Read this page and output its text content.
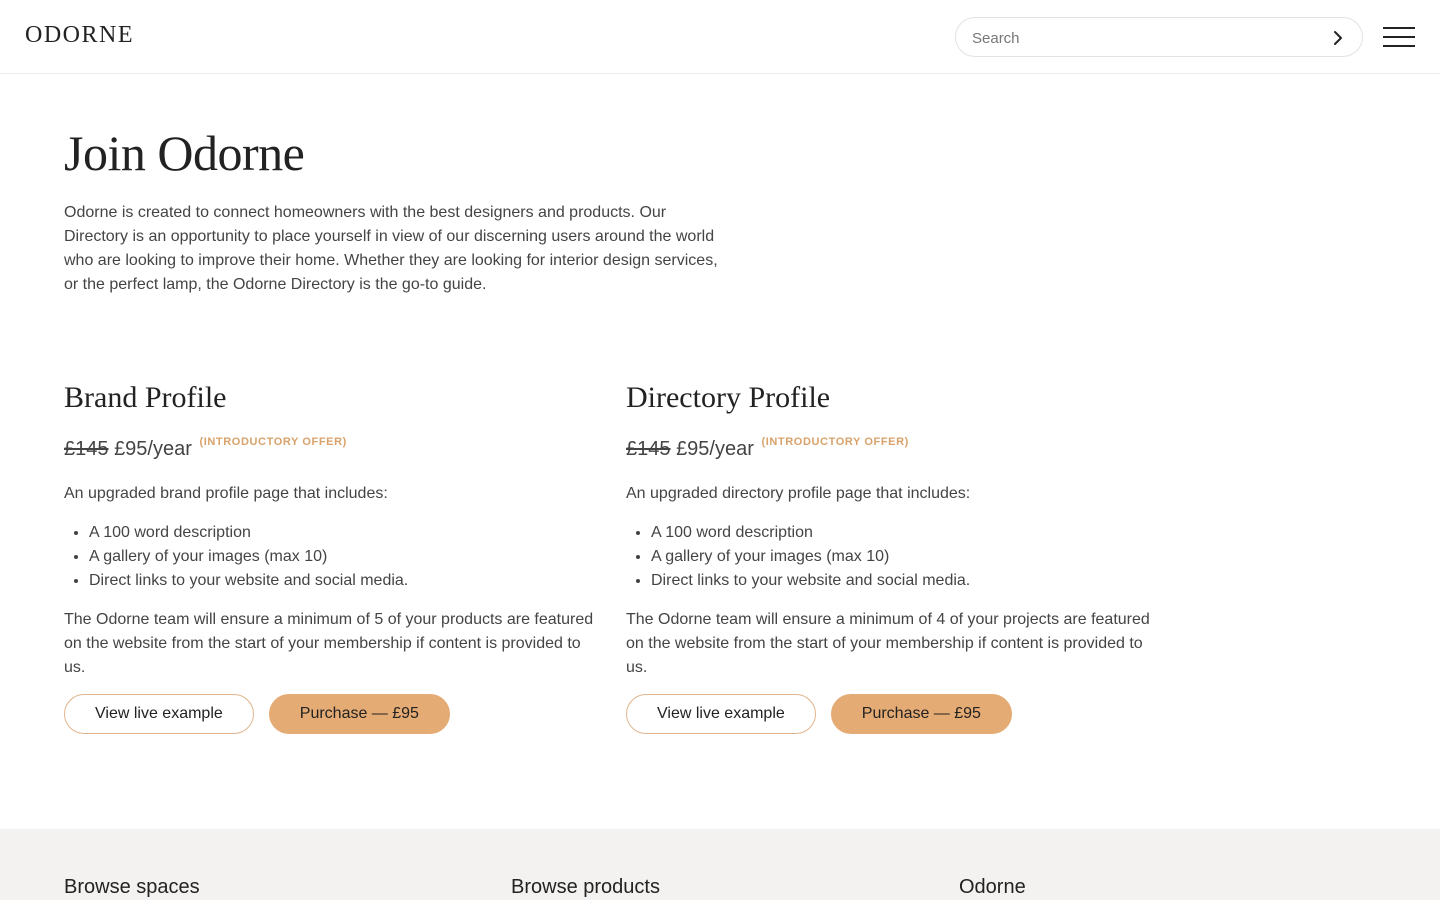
ODORNE
Search
Join Odorne

Odorne is created to connect homeowners with the best designers and products. Our Directory is an opportunity to place yourself in view of our discerning users around the world who are looking to improve their home. Whether they are looking for interior design services, or the perfect lamp, the Odorne Directory is the go-to guide.

Brand Profile
£145 £95/year $^{(INTRODUCTORY OFFER)}$

An upgraded brand profile page that includes:

• A 100 word description
• A gallery of your images (max 10)
• Direct links to your website and social media.

The Odorne team will ensure a minimum of 5 of your products are featured on the website from the start of your membership if content is provided to us.

View live example	Purchase — £95
Directory Profile
£145 £95/year $^{(INTRODUCTORY OFFER)}$

An upgraded directory profile page that includes:

• A 100 word description
• A gallery of your images (max 10)
• Direct links to your website and social media.

The Odorne team will ensure a minimum of 4 of your projects are featured on the website from the start of your membership if content is provided to us.

View live example	Purchase — £95
Browse spaces	Browse products	Odorne
